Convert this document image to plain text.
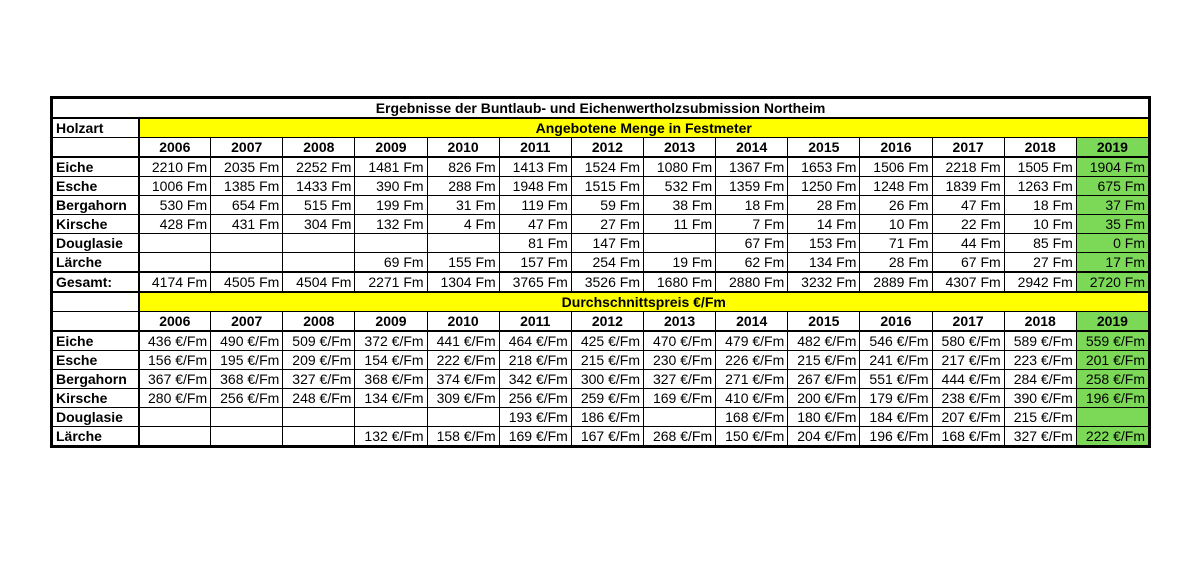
Ergebnisse der Buntlaub- und Eichenwertholzsubmission Northeim														
Holzart	Angebotene Menge in Festmeter													
	2006	2007	2008	2009	2010	2011	2012	2013	2014	2015	2016	2017	2018	2019
Eiche	2210 Fm	2035 Fm	2252 Fm	1481 Fm	826 Fm	1413 Fm	1524 Fm	1080 Fm	1367 Fm	1653 Fm	1506 Fm	2218 Fm	1505 Fm	1904 Fm
Esche	1006 Fm	1385 Fm	1433 Fm	390 Fm	288 Fm	1948 Fm	1515 Fm	532 Fm	1359 Fm	1250 Fm	1248 Fm	1839 Fm	1263 Fm	675 Fm
Bergahorn	530 Fm	654 Fm	515 Fm	199 Fm	31 Fm	119 Fm	59 Fm	38 Fm	18 Fm	28 Fm	26 Fm	47 Fm	18 Fm	37 Fm
Kirsche	428 Fm	431 Fm	304 Fm	132 Fm	4 Fm	47 Fm	27 Fm	11 Fm	7 Fm	14 Fm	10 Fm	22 Fm	10 Fm	35 Fm
Douglasie						81 Fm	147 Fm		67 Fm	153 Fm	71 Fm	44 Fm	85 Fm	0 Fm
Lärche				69 Fm	155 Fm	157 Fm	254 Fm	19 Fm	62 Fm	134 Fm	28 Fm	67 Fm	27 Fm	17 Fm
Gesamt:	4174 Fm	4505 Fm	4504 Fm	2271 Fm	1304 Fm	3765 Fm	3526 Fm	1680 Fm	2880 Fm	3232 Fm	2889 Fm	4307 Fm	2942 Fm	2720 Fm
	Durchschnittspreis €/Fm													
	2006	2007	2008	2009	2010	2011	2012	2013	2014	2015	2016	2017	2018	2019
Eiche	436 €/Fm	490 €/Fm	509 €/Fm	372 €/Fm	441 €/Fm	464 €/Fm	425 €/Fm	470 €/Fm	479 €/Fm	482 €/Fm	546 €/Fm	580 €/Fm	589 €/Fm	559 €/Fm
Esche	156 €/Fm	195 €/Fm	209 €/Fm	154 €/Fm	222 €/Fm	218 €/Fm	215 €/Fm	230 €/Fm	226 €/Fm	215 €/Fm	241 €/Fm	217 €/Fm	223 €/Fm	201 €/Fm
Bergahorn	367 €/Fm	368 €/Fm	327 €/Fm	368 €/Fm	374 €/Fm	342 €/Fm	300 €/Fm	327 €/Fm	271 €/Fm	267 €/Fm	551 €/Fm	444 €/Fm	284 €/Fm	258 €/Fm
Kirsche	280 €/Fm	256 €/Fm	248 €/Fm	134 €/Fm	309 €/Fm	256 €/Fm	259 €/Fm	169 €/Fm	410 €/Fm	200 €/Fm	179 €/Fm	238 €/Fm	390 €/Fm	196 €/Fm
Douglasie						193 €/Fm	186 €/Fm		168 €/Fm	180 €/Fm	184 €/Fm	207 €/Fm	215 €/Fm	
Lärche				132 €/Fm	158 €/Fm	169 €/Fm	167 €/Fm	268 €/Fm	150 €/Fm	204 €/Fm	196 €/Fm	168 €/Fm	327 €/Fm	222 €/Fm
